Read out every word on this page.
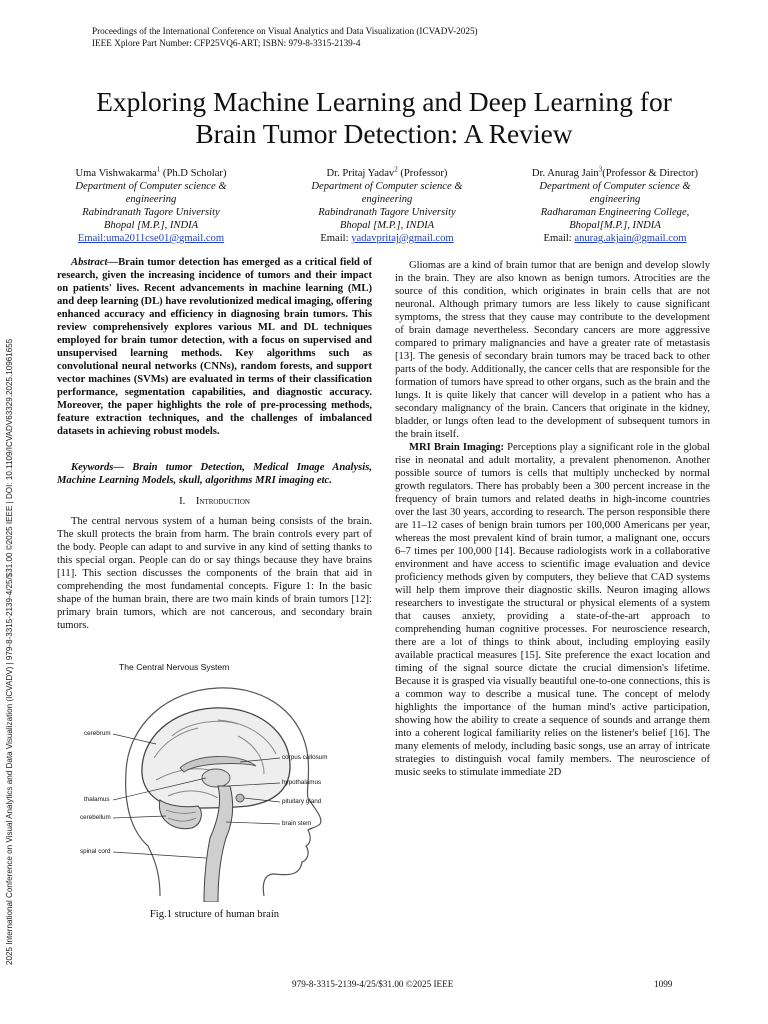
Proceedings of the International Conference on Visual Analytics and Data Visualization (ICVADV-2025)
IEEE Xplore Part Number: CFP25VQ6-ART; ISBN: 979-8-3315-2139-4
Exploring Machine Learning and Deep Learning for
Brain Tumor Detection: A Review
Uma Vishwakarma$^1$ (Ph.D Scholar)
Department of Computer science &
engineering
Rabindranath Tagore University
Bhopal [M.P.], INDIA
Email:uma2011cse01@gmail.com
Dr. Pritaj Yadav$^2$ (Professor)
Department of Computer science &
engineering
Rabindranath Tagore University
Bhopal [M.P.], INDIA
Email: yadavpritaj@gmail.com
Dr. Anurag Jain$^3$(Professor & Director)
Department of Computer science &
engineering
Radharaman Engineering College,
Bhopal[M.P.], INDIA
Email: anurag.akjain@gmail.com
2025 International Conference on Visual Analytics and Data Visualization (ICVADV) | 979-8-3315-2139-4/25/$31.00 ©2025 IEEE | DOI: 10.1109/ICVADV63329.2025.10961655

Abstract—Brain tumor detection has emerged as a critical field of research, given the increasing incidence of tumors and their impact on patients' lives. Recent advancements in machine learning (ML) and deep learning (DL) have revolutionized medical imaging, offering enhanced accuracy and efficiency in diagnosing brain tumors. This review comprehensively explores various ML and DL techniques employed for brain tumor detection, with a focus on supervised and unsupervised learning methods. Key algorithms such as convolutional neural networks (CNNs), random forests, and support vector machines (SVMs) are evaluated in terms of their classification performance, segmentation capabilities, and diagnostic accuracy. Moreover, the paper highlights the role of pre-processing methods, feature extraction techniques, and the challenges of imbalanced datasets in achieving robust models.

Keywords— Brain tumor Detection, Medical Image Analysis, Machine Learning Models, skull, algorithms MRI imaging etc.

I. Introduction

The central nervous system of a human being consists of the brain. The skull protects the brain from harm. The brain controls every part of the body. People can adapt to and survive in any kind of setting thanks to this special organ. People can do or say things because they have brains [11]. This section discusses the components of the brain that aid in comprehending the most fundamental concepts. Figure 1: In the basic shape of the human brain, there are two main kinds of brain tumors [12]: primary brain tumors, which are not cancerous, and secondary brain tumors.

The Central Nervous System
cerebrum
thalamus
cerebellum
spinal cord
corpus callosum
hypothalamus
pituitary gland
brain stem
Fig.1 structure of human brain

Gliomas are a kind of brain tumor that are benign and develop slowly in the brain. They are also known as benign tumors. Atrocities are the source of this condition, which originates in brain cells that are not neuronal. Although primary tumors are less likely to cause significant symptoms, the stress that they cause may contribute to the development of brain damage nevertheless. Secondary cancers are more aggressive compared to primary malignancies and have a greater rate of metastasis [13]. The genesis of secondary brain tumors may be traced back to other parts of the body. Additionally, the cancer cells that are responsible for the formation of tumors have spread to other organs, such as the brain and the lungs. It is quite likely that cancer will develop in a patient who has a secondary malignancy of the brain. Cancers that originate in the kidney, bladder, or lungs often lead to the development of subsequent tumors in the brain itself.

MRI Brain Imaging: Perceptions play a significant role in the global rise in neonatal and adult mortality, a prevalent phenomenon. Another possible source of tumors is cells that multiply unchecked by normal growth regulators. There has probably been a 300 percent increase in the frequency of brain tumors and related deaths in high-income countries over the last 30 years, according to research. The person responsible there are 11–12 cases of benign brain tumors per 100,000 Americans per year, whereas the most prevalent kind of brain tumor, a malignant one, occurs 6–7 times per 100,000 [14]. Because radiologists work in a collaborative environment and have access to scientific image evaluation and device proficiency methods given by computers, they believe that CAD systems will help them improve their diagnostic skills. Neuron imaging allows researchers to investigate the structural or physical elements of a system that causes anxiety, providing a state-of-the-art approach to comprehending human cognitive processes. For neuroscience research, there are a lot of things to think about, including employing easily available practical measures [15]. Site preference the exact location and timing of the signal source dictate the crucial dimension's lifetime. Because it is grasped via visually beautiful one-to-one connections, this is a common way to describe a musical tune. The concept of melody highlights the importance of the human mind's active participation, showing how the ability to create a sequence of sounds and arrange them into a coherent logical familiarity relies on the listener's belief [16]. The many elements of melody, including basic songs, use an array of intricate strategies to distinguish vocal family members. The neuroscience of music seeks to stimulate immediate 2D

979-8-3315-2139-4/25/$31.00 ©2025 IEEE	1099
